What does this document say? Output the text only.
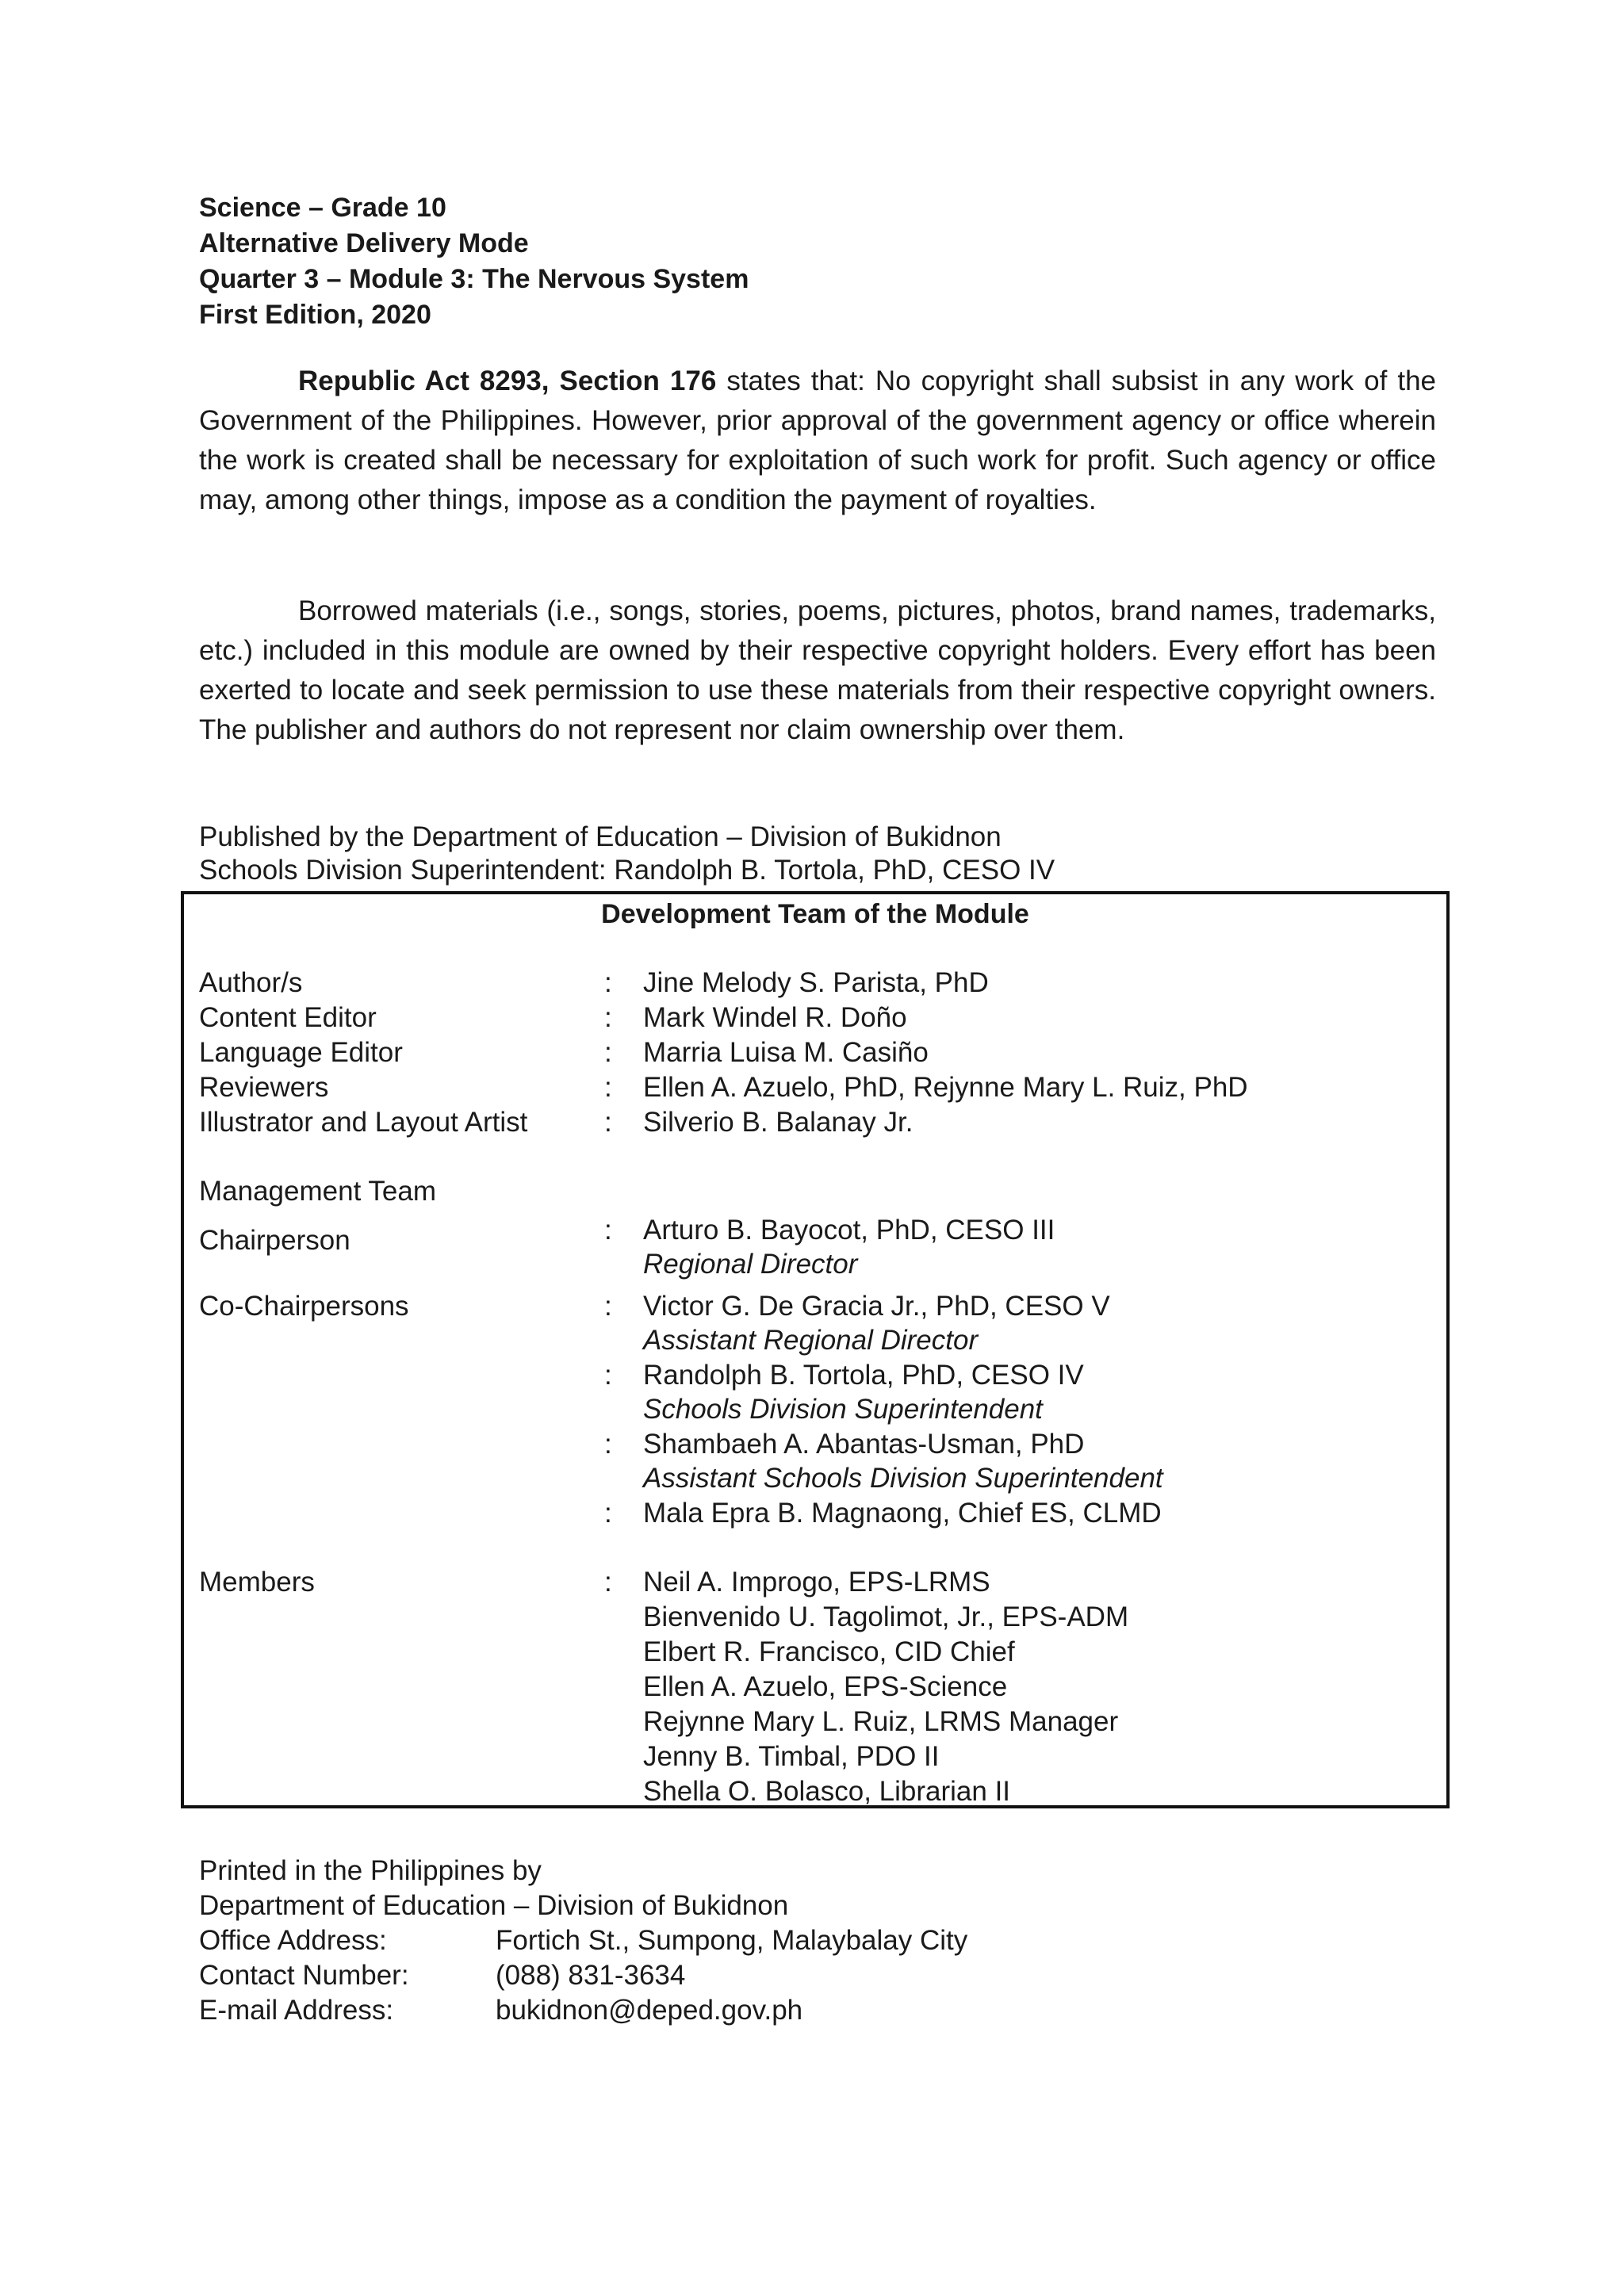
Science – Grade 10
Alternative Delivery Mode
Quarter 3 – Module 3: The Nervous System
First Edition, 2020
Republic Act 8293, Section 176 states that: No copyright shall subsist in any work of the Government of the Philippines. However, prior approval of the government agency or office wherein the work is created shall be necessary for exploitation of such work for profit. Such agency or office may, among other things, impose as a condition the payment of royalties.
Borrowed materials (i.e., songs, stories, poems, pictures, photos, brand names, trademarks, etc.) included in this module are owned by their respective copyright holders. Every effort has been exerted to locate and seek permission to use these materials from their respective copyright owners. The publisher and authors do not represent nor claim ownership over them.
Published by the Department of Education – Division of Bukidnon
Schools Division Superintendent: Randolph B. Tortola, PhD, CESO IV
Development Team of the Module
Author/s	: Jine Melody S. Parista, PhD
Content Editor	: Mark Windel R. Doño
Language Editor	: Marria Luisa M. Casiño
Reviewers	: Ellen A. Azuelo, PhD, Rejynne Mary L. Ruiz, PhD
Illustrator and Layout Artist	: Silverio B. Balanay Jr.
Management Team
Chairperson	: Arturo B. Bayocot, PhD, CESO III
Regional Director
Co-Chairpersons	: Victor G. De Gracia Jr., PhD, CESO V
Assistant Regional Director
: Randolph B. Tortola, PhD, CESO IV
Schools Division Superintendent
: Shambaeh A. Abantas-Usman, PhD
Assistant Schools Division Superintendent
: Mala Epra B. Magnaong, Chief ES, CLMD
Members	: Neil A. Improgo, EPS-LRMS
Bienvenido U. Tagolimot, Jr., EPS-ADM
Elbert R. Francisco, CID Chief
Ellen A. Azuelo, EPS-Science
Rejynne Mary L. Ruiz, LRMS Manager
Jenny B. Timbal, PDO II
Shella O. Bolasco, Librarian II
Printed in the Philippines by
Department of Education – Division of Bukidnon
Office Address:	Fortich St., Sumpong, Malaybalay City
Contact Number:	(088) 831-3634
E-mail Address:	bukidnon@deped.gov.ph
